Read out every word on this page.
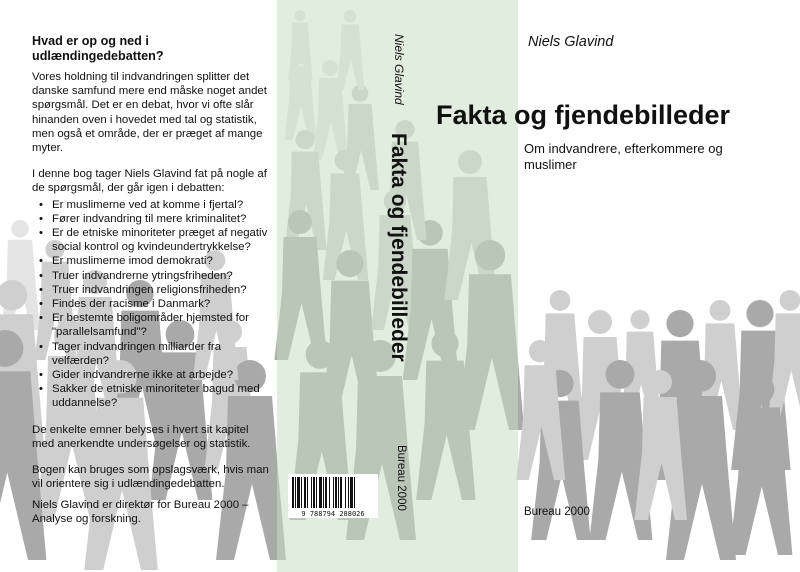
Hvad er op og ned i udlændingedebatten?

Vores holdning til indvandringen splitter det danske samfund mere end måske noget andet spørgsmål. Det er en debat, hvor vi ofte slår hinanden oven i hovedet med tal og statistik, men også et område, der er præget af mange myter.

I denne bog tager Niels Glavind fat på nogle af de spørgsmål, der går igen i debatten:

• Er muslimerne ved at komme i fjertal?
• Fører indvandring til mere kriminalitet?
• Er de etniske minoriteter præget af negativ social kontrol og kvindeundertrykkelse?
• Er muslimerne imod demokrati?
• Truer indvandrerne ytringsfriheden?
• Truer indvandringen religionsfriheden?
• Findes der racisme i Danmark?
• Er bestemte boligområder hjemsted for "parallelsamfund"?
• Tager indvandringen milliarder fra velfærden?
• Gider indvandrerne ikke at arbejde?
• Sakker de etniske minoriteter bagud med uddannelse?

De enkelte emner belyses i hvert sit kapitel med anerkendte undersøgelser og statistik.

Bogen kan bruges som opslagsværk, hvis man vil orientere sig i udlændingedebatten.

Niels Glavind er direktør for Bureau 2000 – Analyse og forskning.
Niels Glavind
Fakta og fjendebilleder
Bureau 2000
9 788794 288026
Niels Glavind
Fakta og fjendebilleder
Om indvandrere, efterkommere og muslimer
Bureau 2000
